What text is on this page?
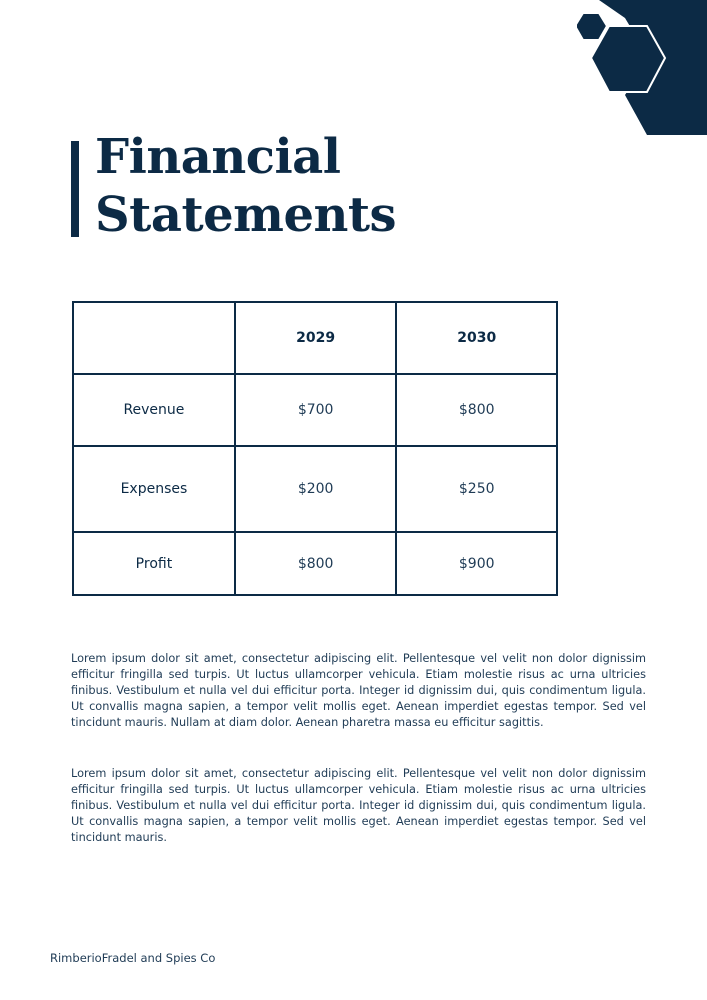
Financial
Statements
	2029	2030
Revenue	$700	$800
Expenses	$200	$250
Profit	$800	$900

Lorem ipsum dolor sit amet, consectetur adipiscing elit. Pellentesque vel velit non dolor dignissim efficitur fringilla sed turpis. Ut luctus ullamcorper vehicula. Etiam molestie risus ac urna ultricies finibus. Vestibulum et nulla vel dui efficitur porta. Integer id dignissim dui, quis condimentum ligula. Ut convallis magna sapien, a tempor velit mollis eget. Aenean imperdiet egestas tempor. Sed vel tincidunt mauris. Nullam at diam dolor. Aenean pharetra massa eu efficitur sagittis.

Lorem ipsum dolor sit amet, consectetur adipiscing elit. Pellentesque vel velit non dolor dignissim efficitur fringilla sed turpis. Ut luctus ullamcorper vehicula. Etiam molestie risus ac urna ultricies finibus. Vestibulum et nulla vel dui efficitur porta. Integer id dignissim dui, quis condimentum ligula. Ut convallis magna sapien, a tempor velit mollis eget. Aenean imperdiet egestas tempor. Sed vel tincidunt mauris.

RimberioFradel and Spies Co
